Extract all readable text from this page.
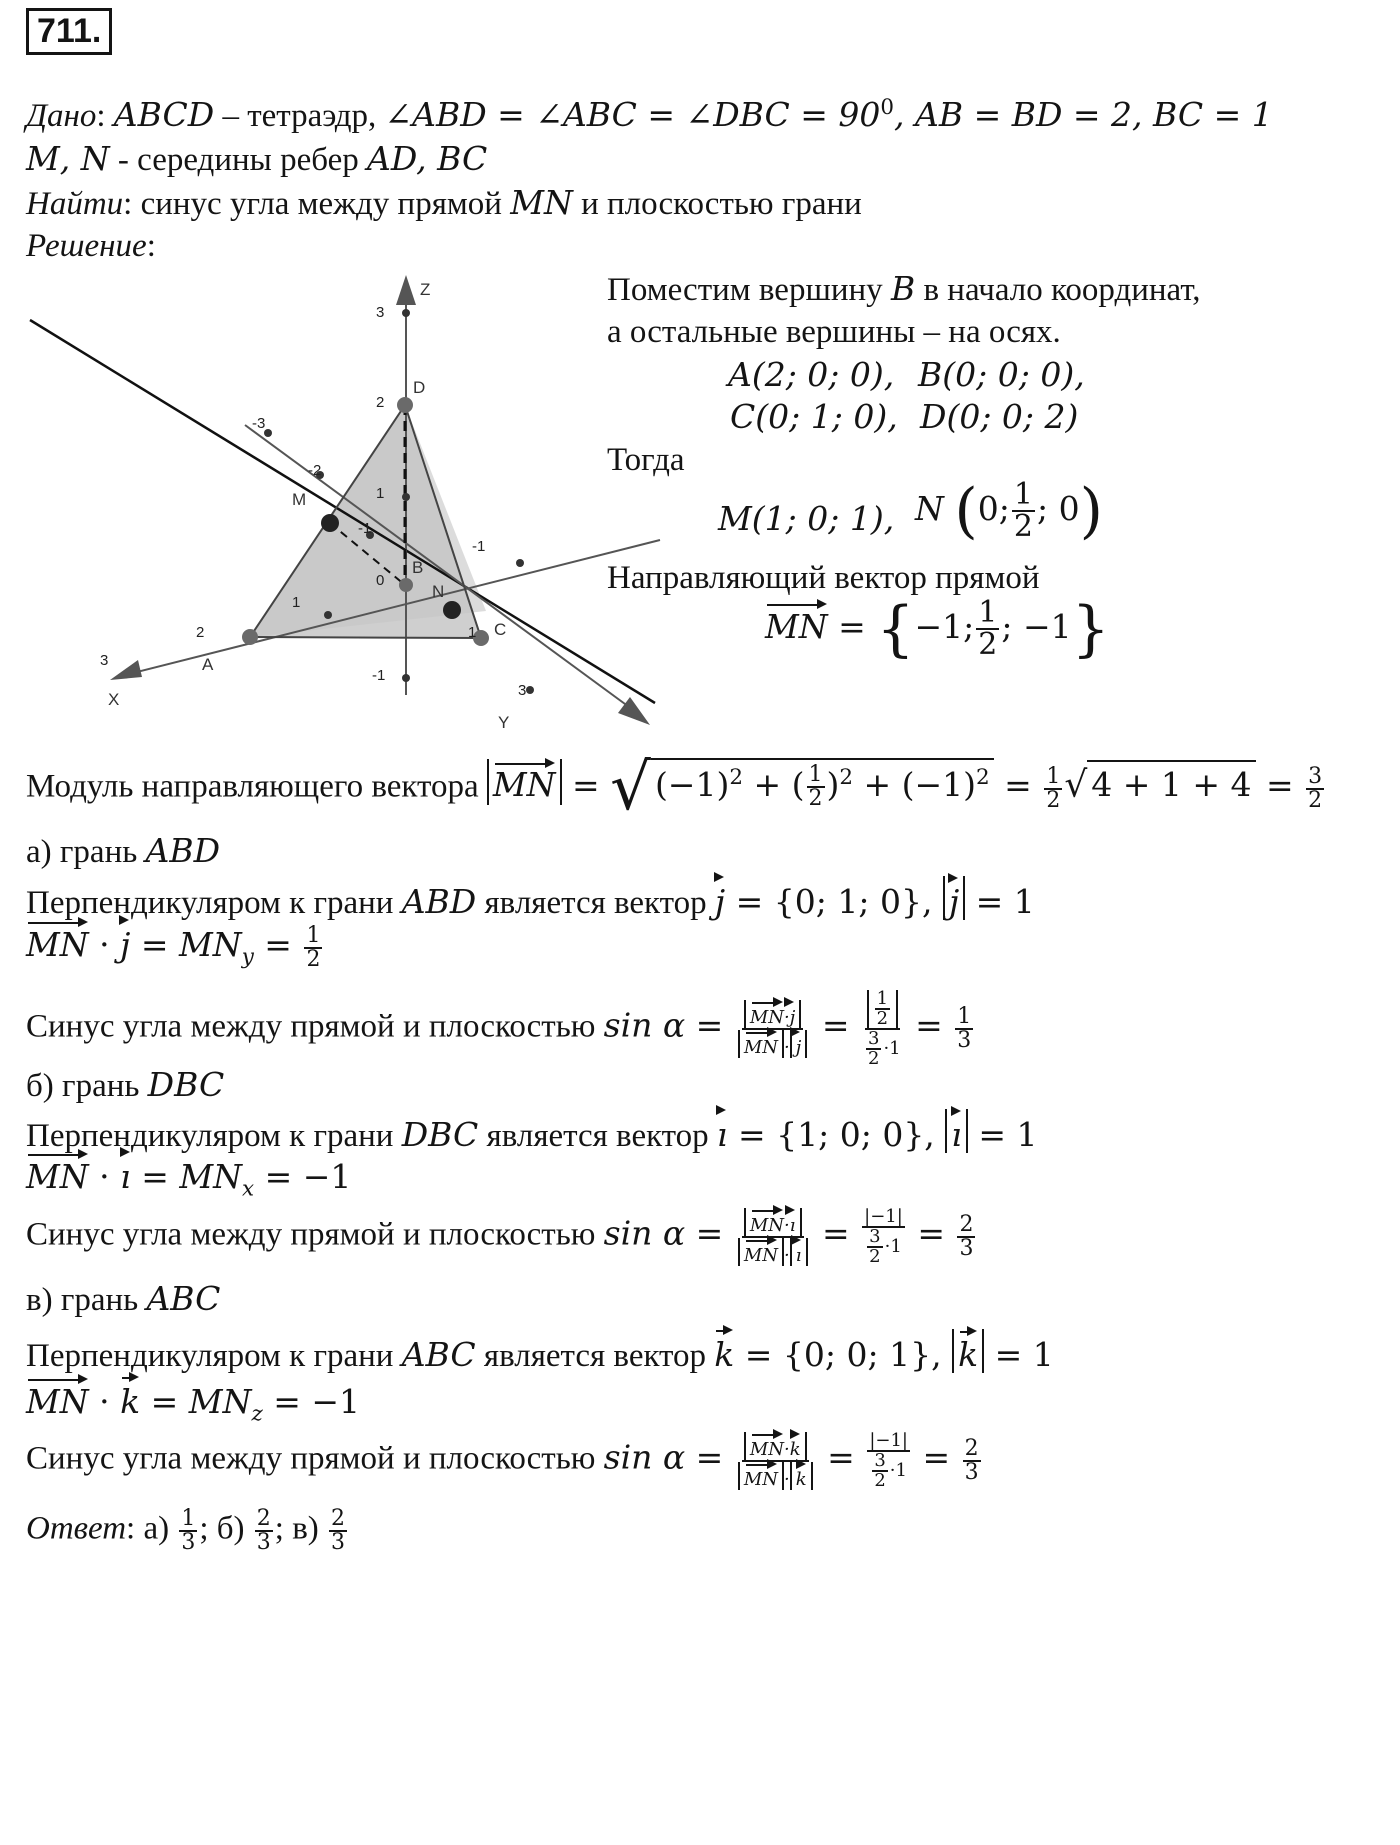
711.
Дано: ABCD – тетраэдр, ∠ABD = ∠ABC = ∠DBC = $90^0$, AB = BD = 2, BC = 1
M, N - середины ребер AD, BC
Найти: синус угла между прямой MN и плоскостью грани
Решение:
Z
X
Y
D
A
C
B
M
N
3
2
1
-1
3
2
1
-1
-2
-3
1
3
-1
0
Поместим вершину B в начало координат,
а остальные вершины – на осях.
A(2; 0; 0), B(0; 0; 0),
C(0; 1; 0), D(0; 0; 2)
Тогда
M(1; 0; 1), N (0; $\frac{1}{2}$ ; 0)
Направляющий вектор прямой
MN = {−1; $\frac{1}{2}$ ; −1}
Модуль направляющего вектора MN = √ $(-1)^2$ + ( $\frac{1}{2} )^2 + (-1)^2 = \frac{1}{2}$ √ $4 + 1 + 4 = \frac{3}{2}$
а) грань ABD
Перпендикуляром к грани ABD является вектор j = {0; 1; 0}, j = 1
MN · $j = MN_y = \frac{1}{2}$
Синус угла между прямой и плоскостью $\sin \alpha = \frac{MN\cdot j}{MN \cdot j} = \frac{\frac{1}{2}}{\frac{3}{2} \cdot 1} = \frac{1}{3}$
б) грань DBC
Перпендикуляром к грани DBC является вектор ı = {1; 0; 0}, ı = 1
MN · ı = $MN_x = -1$
Синус угла между прямой и плоскостью $\sin \alpha = \frac{MN\cdot ı}{MN \cdot ı} = \frac{|-1|}{\frac{3}{2} \cdot 1} = \frac{2}{3}$
в) грань ABC
Перпендикуляром к грани ABC является вектор k = {0; 0; 1}, k = 1
MN · $k = MN_z = -1$
Синус угла между прямой и плоскостью $\sin \alpha = \frac{MN\cdot k}{MN \cdot k} = \frac{|-1|}{\frac{3}{2} \cdot 1} = \frac{2}{3}$
Ответ: $а) \frac{1}{3}$ ; $б) \frac{2}{3}$ ; $в) \frac{2}{3}$
